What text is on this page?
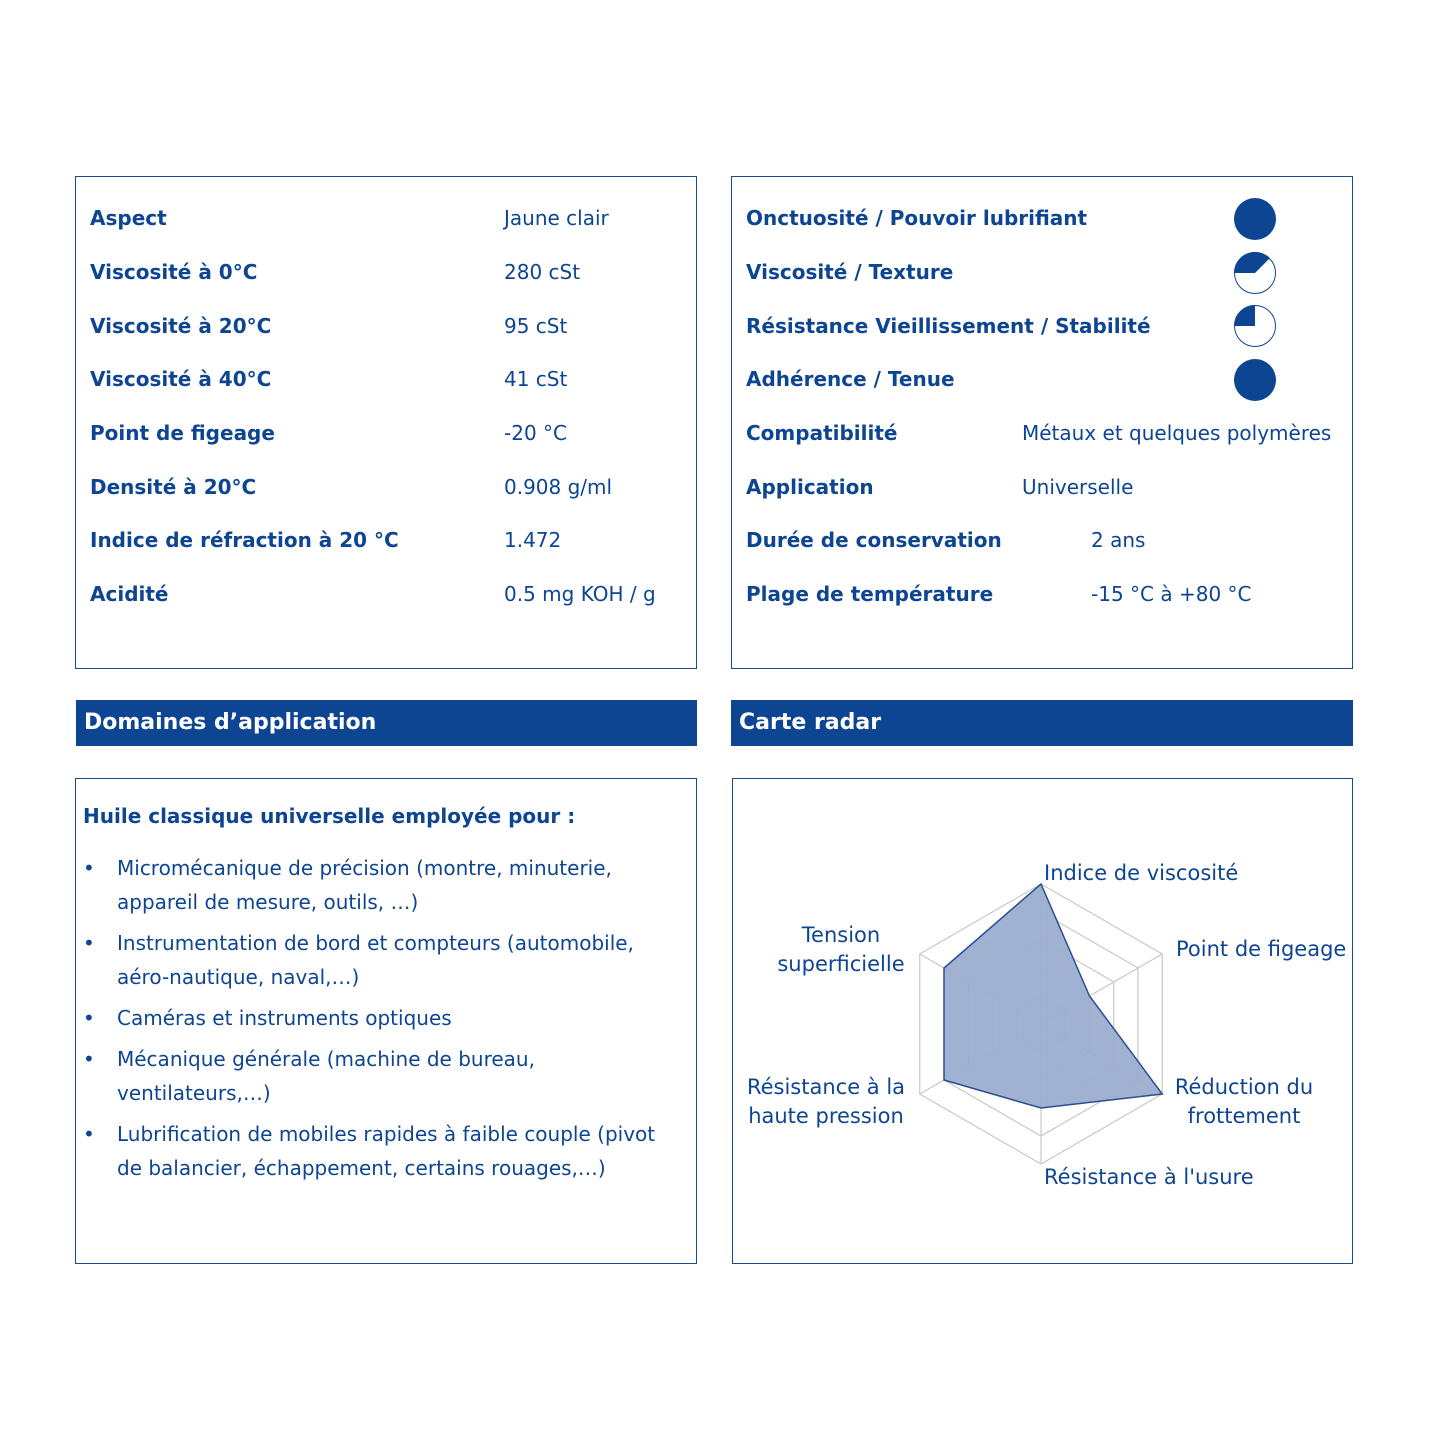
Aspect	Jaune clair
Viscosité à 0°C	280 cSt
Viscosité à 20°C	95 cSt
Viscosité à 40°C	41 cSt
Point de figeage	-20 °C
Densité à 20°C	0.908 g/ml
Indice de réfraction à 20 °C	1.472
Acidité	0.5 mg KOH / g
Onctuosité / Pouvoir lubrifiant
Viscosité / Texture
Résistance Vieillissement / Stabilité
Adhérence / Tenue
Compatibilité	Métaux et quelques polymères
Application	Universelle
Durée de conservation	2 ans
Plage de température	-15 °C à +80 °C
Domaines d’application	Carte radar
Huile classique universelle employée pour :
• Micromécanique de précision (montre, minuterie, appareil de mesure, outils, …)
• Instrumentation de bord et compteurs (automobile, aéro-nautique, naval,…)
• Caméras et instruments optiques
• Mécanique générale (machine de bureau, ventilateurs,…)
• Lubrification de mobiles rapides à faible couple (pivot de balancier, échappement, certains rouages,…)
Indice de viscosité
Point de figeage
Réduction du frottement
Résistance à l'usure
Résistance à la haute pression
Tension superficielle
